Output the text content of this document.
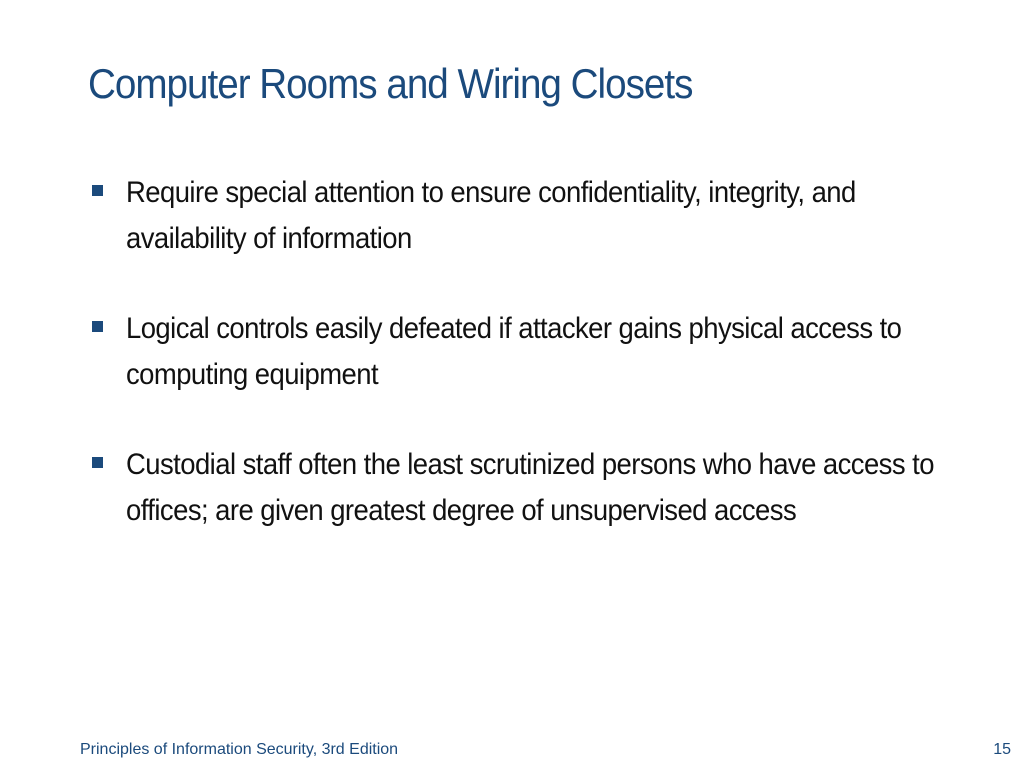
Computer Rooms and Wiring Closets
Require special attention to ensure confidentiality, integrity, and availability of information
Logical controls easily defeated if attacker gains physical access to computing equipment
Custodial staff often the least scrutinized persons who have access to offices; are given greatest degree of unsupervised access
Principles of Information Security, 3rd Edition	15
